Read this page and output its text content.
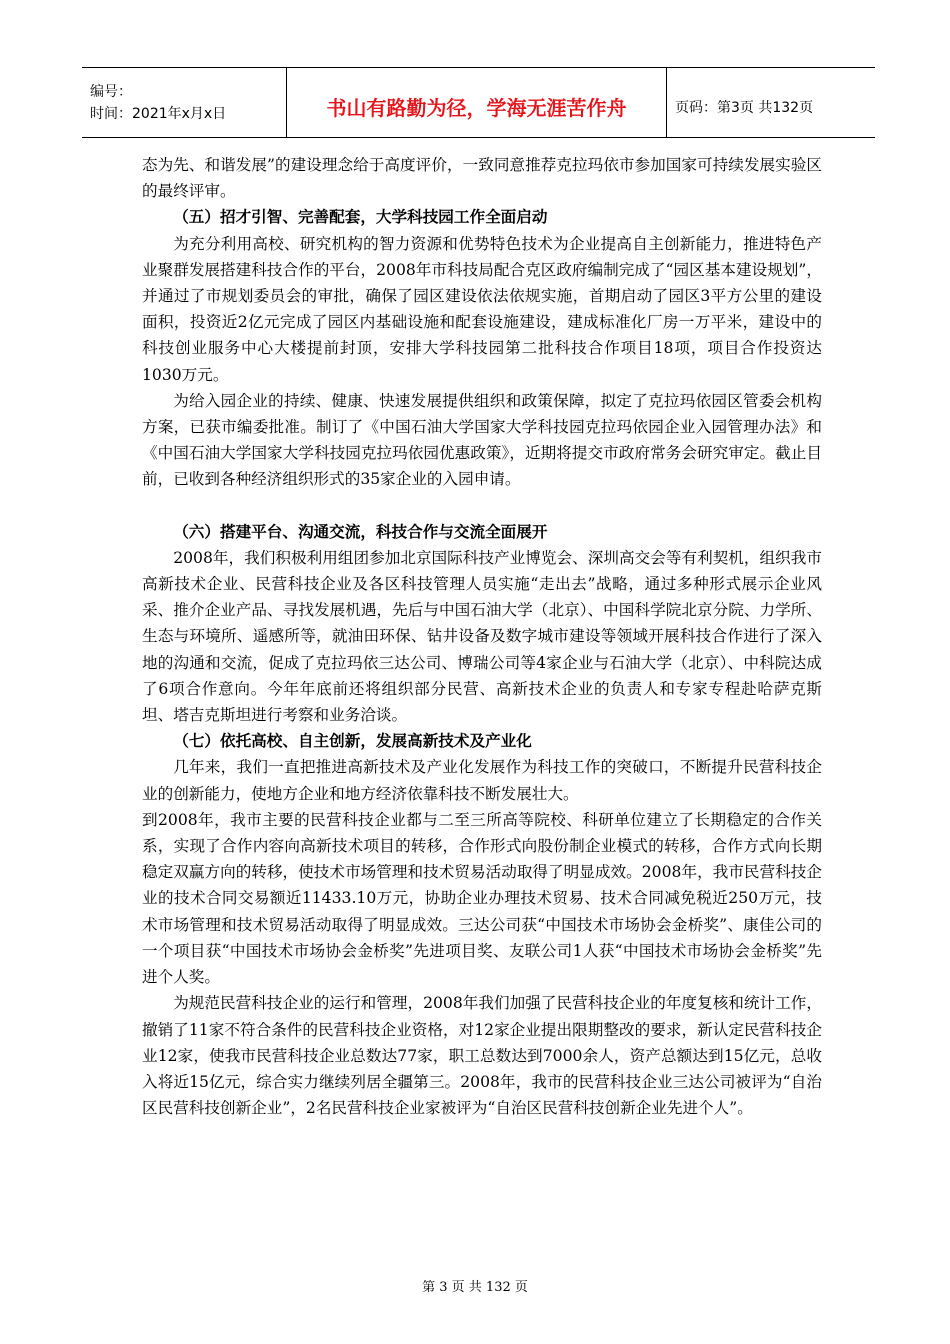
编号：
时间：2021年x月x日	书山有路勤为径，学海无涯苦作舟	页码：第3页 共132页

态为先、和谐发展”的建设理念给于高度评价，一致同意推荐克拉玛依市参加国家可持续发展实验区的最终评审。

（五）招才引智、完善配套，大学科技园工作全面启动

为充分利用高校、研究机构的智力资源和优势特色技术为企业提高自主创新能力，推进特色产业聚群发展搭建科技合作的平台，2008年市科技局配合克区政府编制完成了“园区基本建设规划”，并通过了市规划委员会的审批，确保了园区建设依法依规实施，首期启动了园区3平方公里的建设面积，投资近2亿元完成了园区内基础设施和配套设施建设，建成标准化厂房一万平米，建设中的科技创业服务中心大楼提前封顶，安排大学科技园第二批科技合作项目18项，项目合作投资达1030万元。

为给入园企业的持续、健康、快速发展提供组织和政策保障，拟定了克拉玛依园区管委会机构方案，已获市编委批准。制订了《中国石油大学国家大学科技园克拉玛依园企业入园管理办法》和《中国石油大学国家大学科技园克拉玛依园优惠政策》，近期将提交市政府常务会研究审定。截止目前，已收到各种经济组织形式的35家企业的入园申请。

（六）搭建平台、沟通交流，科技合作与交流全面展开

2008年，我们积极利用组团参加北京国际科技产业博览会、深圳高交会等有利契机，组织我市高新技术企业、民营科技企业及各区科技管理人员实施“走出去”战略，通过多种形式展示企业风采、推介企业产品、寻找发展机遇，先后与中国石油大学（北京）、中国科学院北京分院、力学所、生态与环境所、遥感所等，就油田环保、钻井设备及数字城市建设等领域开展科技合作进行了深入地的沟通和交流，促成了克拉玛依三达公司、博瑞公司等4家企业与石油大学（北京）、中科院达成了6项合作意向。今年年底前还将组织部分民营、高新技术企业的负责人和专家专程赴哈萨克斯坦、塔吉克斯坦进行考察和业务洽谈。

（七）依托高校、自主创新，发展高新技术及产业化

几年来，我们一直把推进高新技术及产业化发展作为科技工作的突破口，不断提升民营科技企业的创新能力，使地方企业和地方经济依靠科技不断发展壮大。

到2008年，我市主要的民营科技企业都与二至三所高等院校、科研单位建立了长期稳定的合作关系，实现了合作内容向高新技术项目的转移，合作形式向股份制企业模式的转移，合作方式向长期稳定双赢方向的转移，使技术市场管理和技术贸易活动取得了明显成效。2008年，我市民营科技企业的技术合同交易额近11433.10万元，协助企业办理技术贸易、技术合同减免税近250万元，技术市场管理和技术贸易活动取得了明显成效。三达公司获“中国技术市场协会金桥奖”、康佳公司的一个项目获“中国技术市场协会金桥奖”先进项目奖、友联公司1人获“中国技术市场协会金桥奖”先进个人奖。

为规范民营科技企业的运行和管理，2008年我们加强了民营科技企业的年度复核和统计工作，撤销了11家不符合条件的民营科技企业资格，对12家企业提出限期整改的要求，新认定民营科技企业12家，使我市民营科技企业总数达77家，职工总数达到7000余人，资产总额达到15亿元，总收入将近15亿元，综合实力继续列居全疆第三。2008年，我市的民营科技企业三达公司被评为“自治区民营科技创新企业”，2名民营科技企业家被评为“自治区民营科技创新企业先进个人”。

第 3 页 共 132 页
